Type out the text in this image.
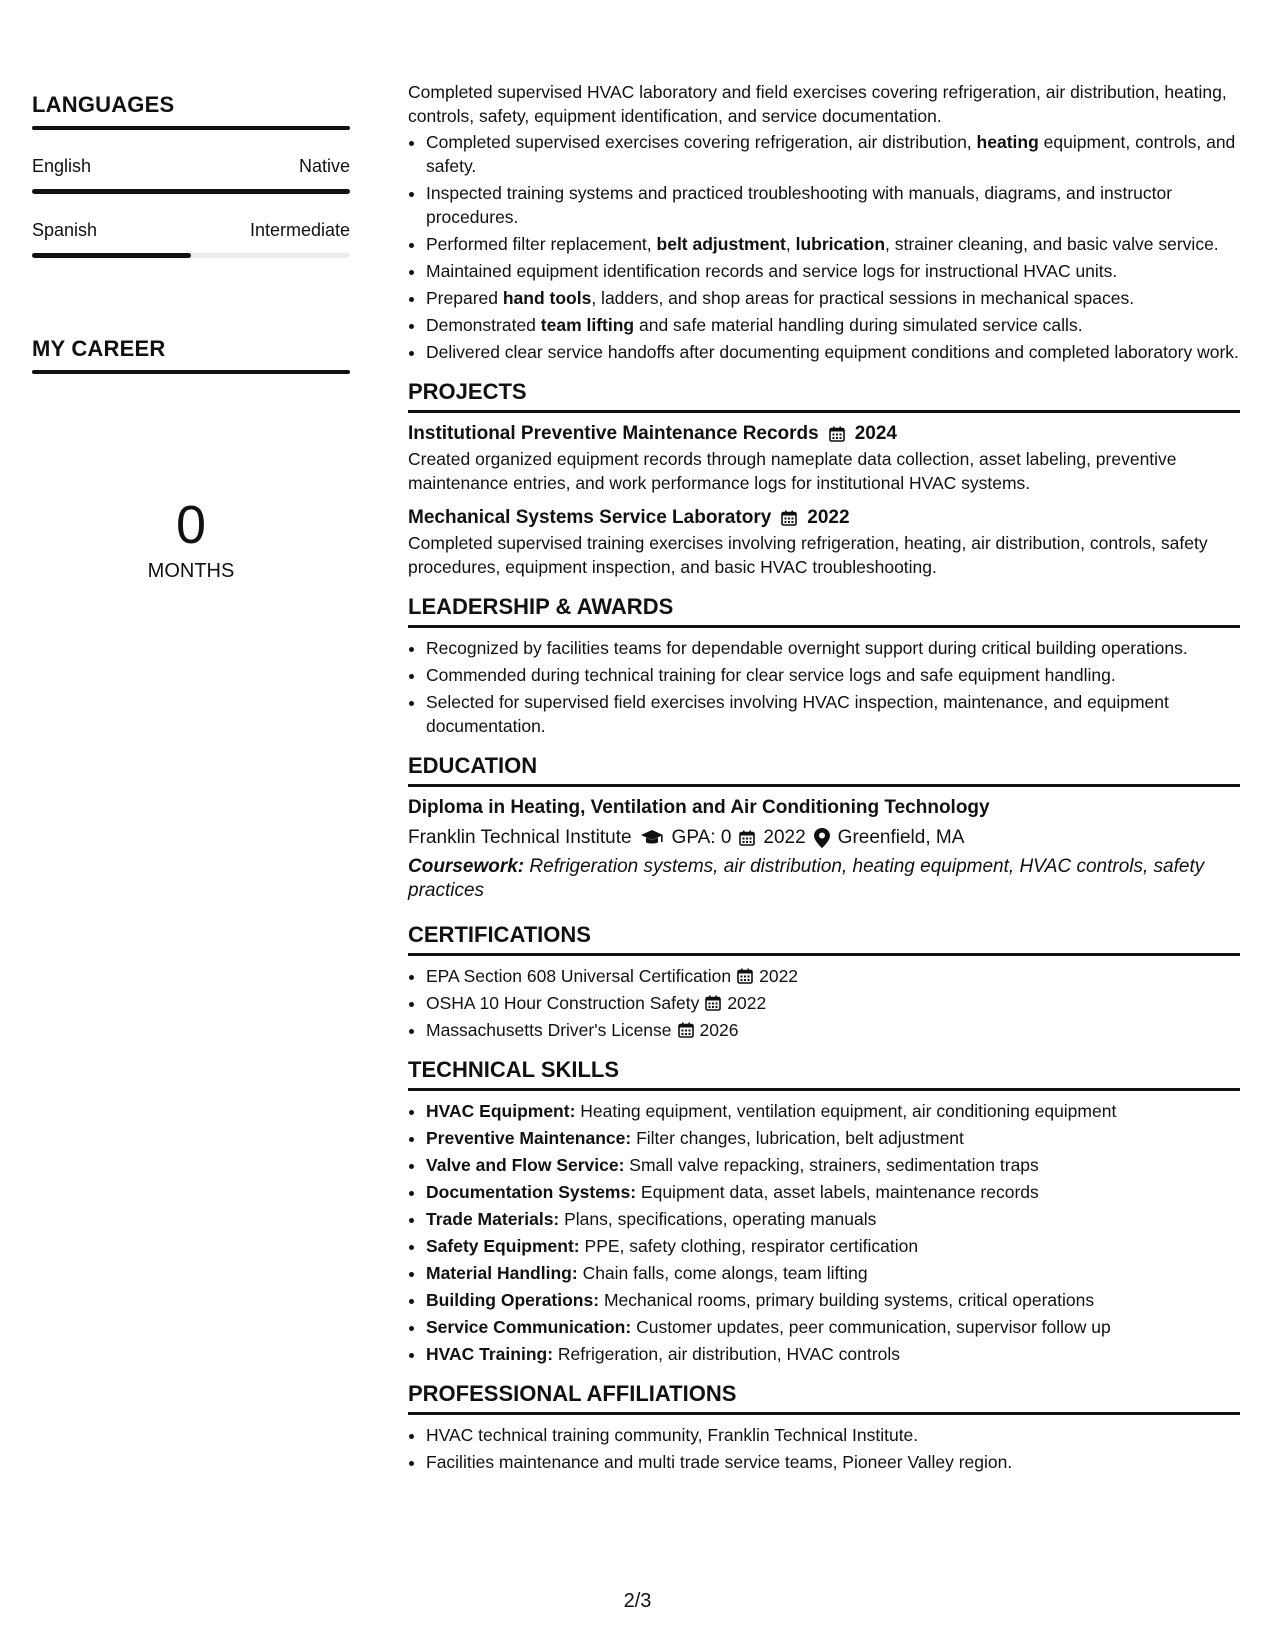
LANGUAGES
English	Native
Spanish	Intermediate
MY CAREER
0
MONTHS

Completed supervised HVAC laboratory and field exercises covering refrigeration, air distribution, heating, controls, safety, equipment identification, and service documentation.

• Completed supervised exercises covering refrigeration, air distribution, heating equipment, controls, and safety.
• Inspected training systems and practiced troubleshooting with manuals, diagrams, and instructor procedures.
• Performed filter replacement, belt adjustment, lubrication, strainer cleaning, and basic valve service.
• Maintained equipment identification records and service logs for instructional HVAC units.
• Prepared hand tools, ladders, and shop areas for practical sessions in mechanical spaces.
• Demonstrated team lifting and safe material handling during simulated service calls.
• Delivered clear service handoffs after documenting equipment conditions and completed laboratory work.
PROJECTS
Institutional Preventive Maintenance Records 2024

Created organized equipment records through nameplate data collection, asset labeling, preventive maintenance entries, and work performance logs for institutional HVAC systems.

Mechanical Systems Service Laboratory 2022

Completed supervised training exercises involving refrigeration, heating, air distribution, controls, safety procedures, equipment inspection, and basic HVAC troubleshooting.

LEADERSHIP & AWARDS
• Recognized by facilities teams for dependable overnight support during critical building operations.
• Commended during technical training for clear service logs and safe equipment handling.
• Selected for supervised field exercises involving HVAC inspection, maintenance, and equipment documentation.
EDUCATION
Diploma in Heating, Ventilation and Air Conditioning Technology
Franklin Technical Institute GPA: 0 2022 Greenfield, MA
Coursework: Refrigeration systems, air distribution, heating equipment, HVAC controls, safety practices
CERTIFICATIONS
• EPA Section 608 Universal Certification 2022
• OSHA 10 Hour Construction Safety 2022
• Massachusetts Driver's License 2026
TECHNICAL SKILLS
• HVAC Equipment: Heating equipment, ventilation equipment, air conditioning equipment
• Preventive Maintenance: Filter changes, lubrication, belt adjustment
• Valve and Flow Service: Small valve repacking, strainers, sedimentation traps
• Documentation Systems: Equipment data, asset labels, maintenance records
• Trade Materials: Plans, specifications, operating manuals
• Safety Equipment: PPE, safety clothing, respirator certification
• Material Handling: Chain falls, come alongs, team lifting
• Building Operations: Mechanical rooms, primary building systems, critical operations
• Service Communication: Customer updates, peer communication, supervisor follow up
• HVAC Training: Refrigeration, air distribution, HVAC controls
PROFESSIONAL AFFILIATIONS
• HVAC technical training community, Franklin Technical Institute.
• Facilities maintenance and multi trade service teams, Pioneer Valley region.
2/3
